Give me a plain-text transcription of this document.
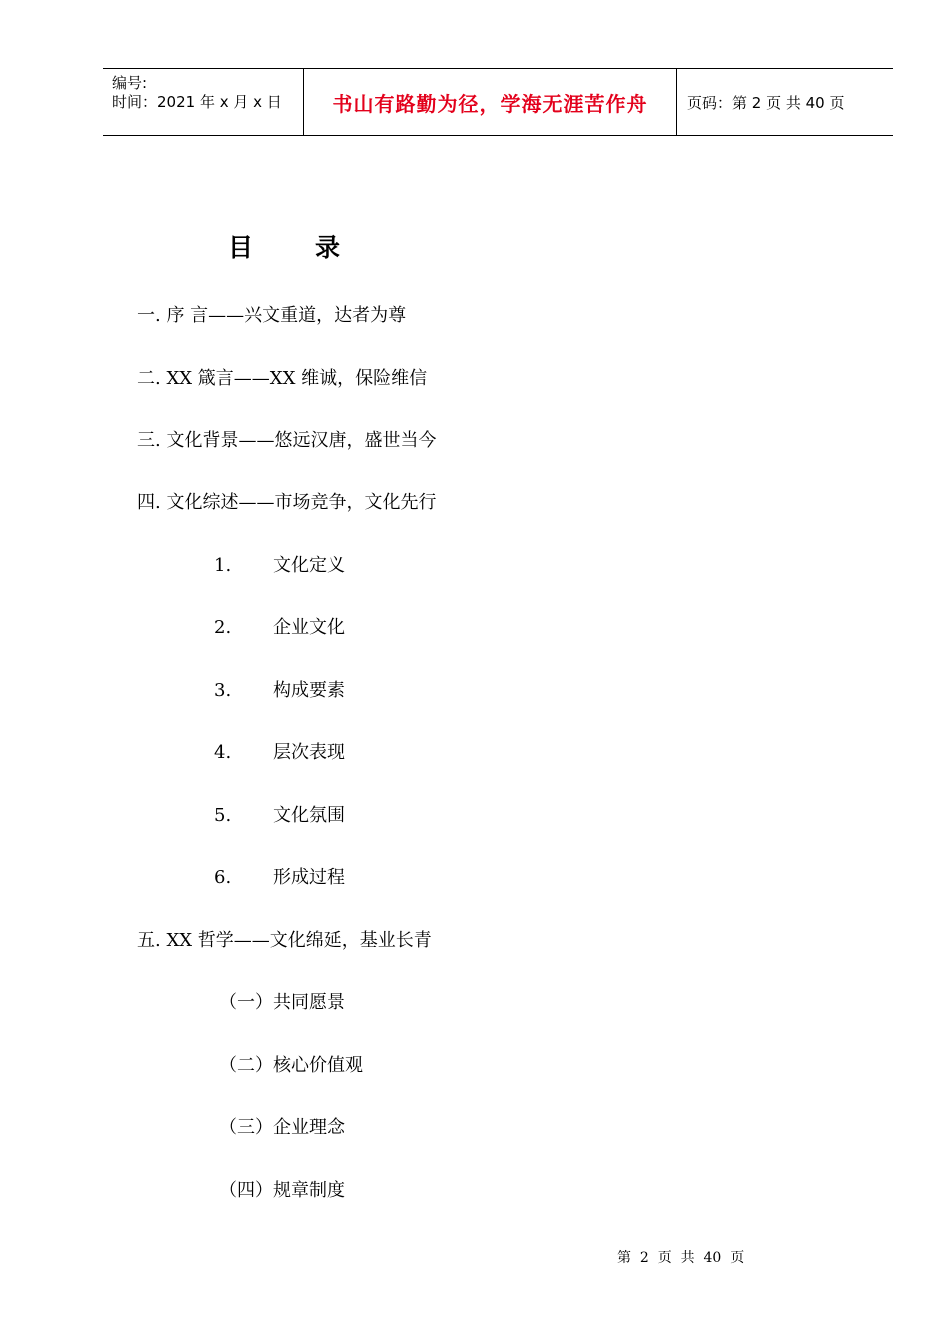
编号:
时间：2021 年 x 月 x 日	书山有路勤为径，学海无涯苦作舟	页码：第 2 页 共 40 页
目录
一. 序 言——兴文重道，达者为尊
二. XX 箴言——XX 维诚，保险维信
三. 文化背景——悠远汉唐，盛世当今
四. 文化综述——市场竞争，文化先行
1. 文化定义
2. 企业文化
3. 构成要素
4. 层次表现
5. 文化氛围
6. 形成过程
五. XX 哲学——文化绵延，基业长青
（一）共同愿景
（二）核心价值观
（三）企业理念
（四）规章制度
第  2  页  共  40  页
